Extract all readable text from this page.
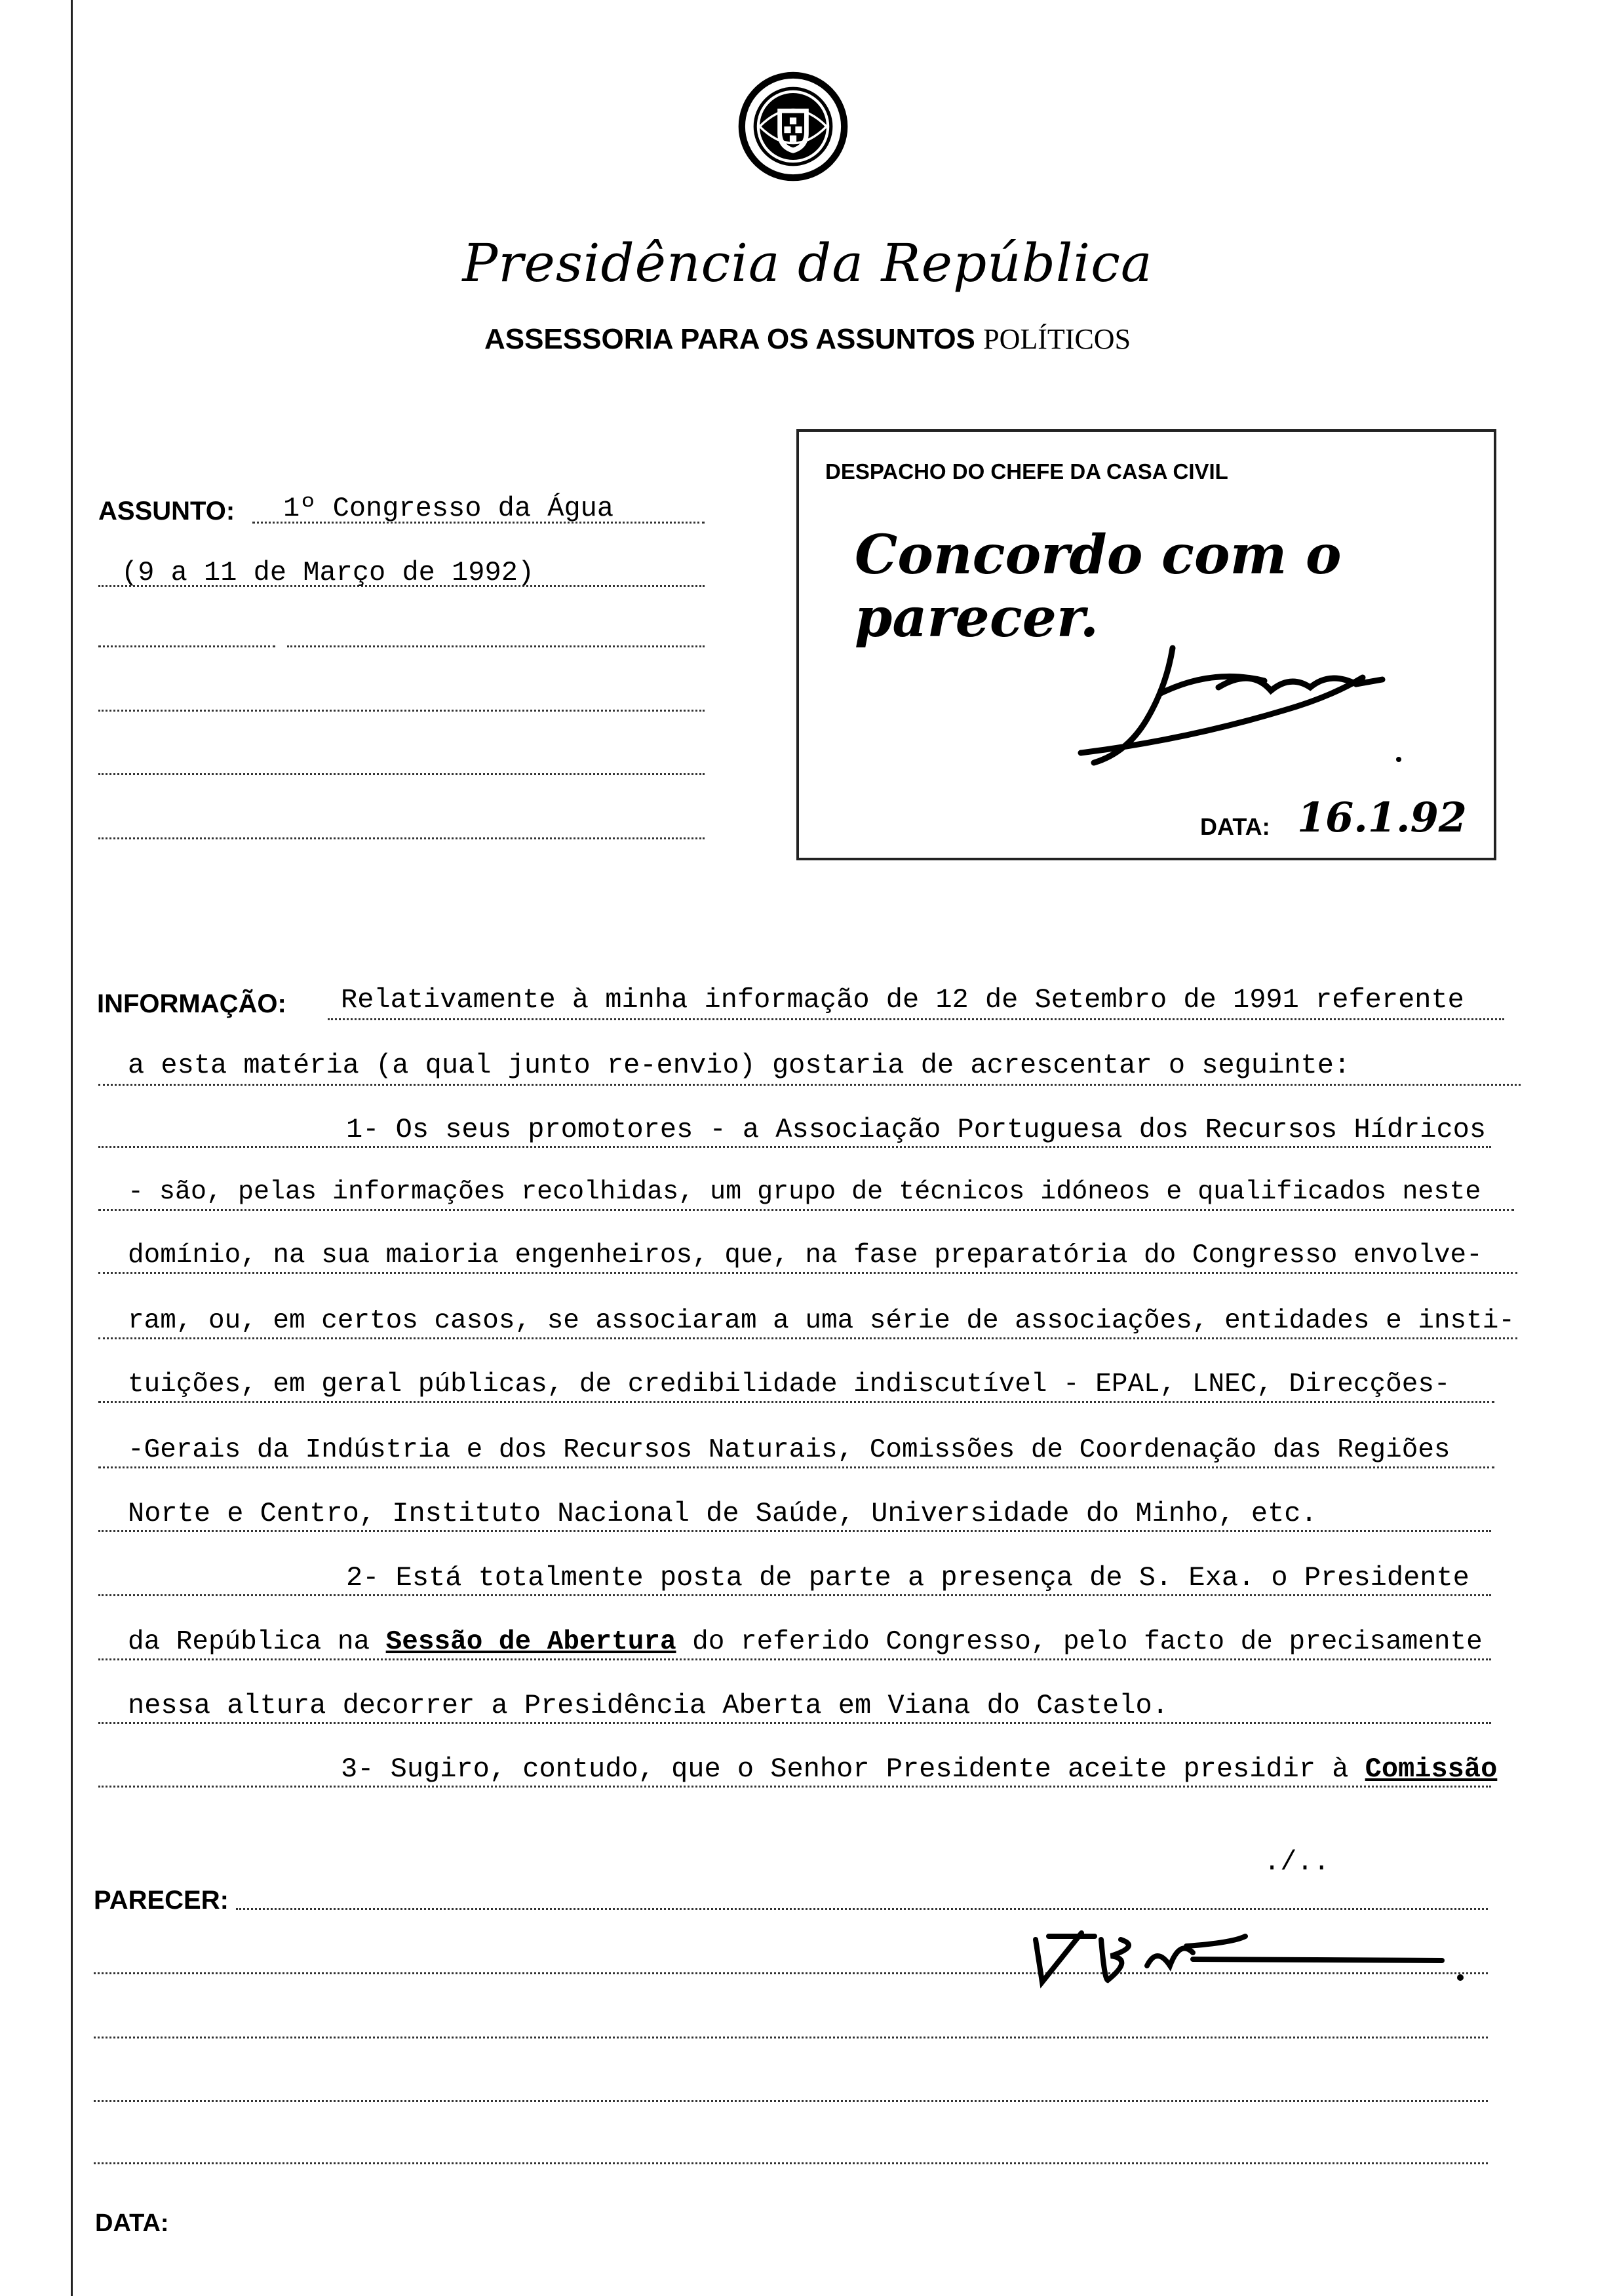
Presidência da República
ASSESSORIA PARA OS ASSUNTOS POLÍTICOS
ASSUNTO: 1º Congresso da Água
(9 a 11 de Março de 1992)
DESPACHO DO CHEFE DA CASA CIVIL
Concordo com o parecer.
DATA: 16.1.92
INFORMAÇÃO:	Relativamente à minha informação de 12 de Setembro de 1991 referente
a esta matéria (a qual junto re-envio) gostaria de acrescentar o seguinte:
1- Os seus promotores - a Associação Portuguesa dos Recursos Hídricos
- são, pelas informações recolhidas, um grupo de técnicos idóneos e qualificados neste
domínio, na sua maioria engenheiros, que, na fase preparatória do Congresso envolve-
ram, ou, em certos casos, se associaram a uma série de associações, entidades e insti-
tuições, em geral públicas, de credibilidade indiscutível - EPAL, LNEC, Direcções-
-Gerais da Indústria e dos Recursos Naturais, Comissões de Coordenação das Regiões
Norte e Centro, Instituto Nacional de Saúde, Universidade do Minho, etc.
2- Está totalmente posta de parte a presença de S. Exa. o Presidente
da República na Sessão de Abertura do referido Congresso, pelo facto de precisamente
nessa altura decorrer a Presidência Aberta em Viana do Castelo.
3- Sugiro, contudo, que o Senhor Presidente aceite presidir à Comissão
./..
PARECER:
DATA:
